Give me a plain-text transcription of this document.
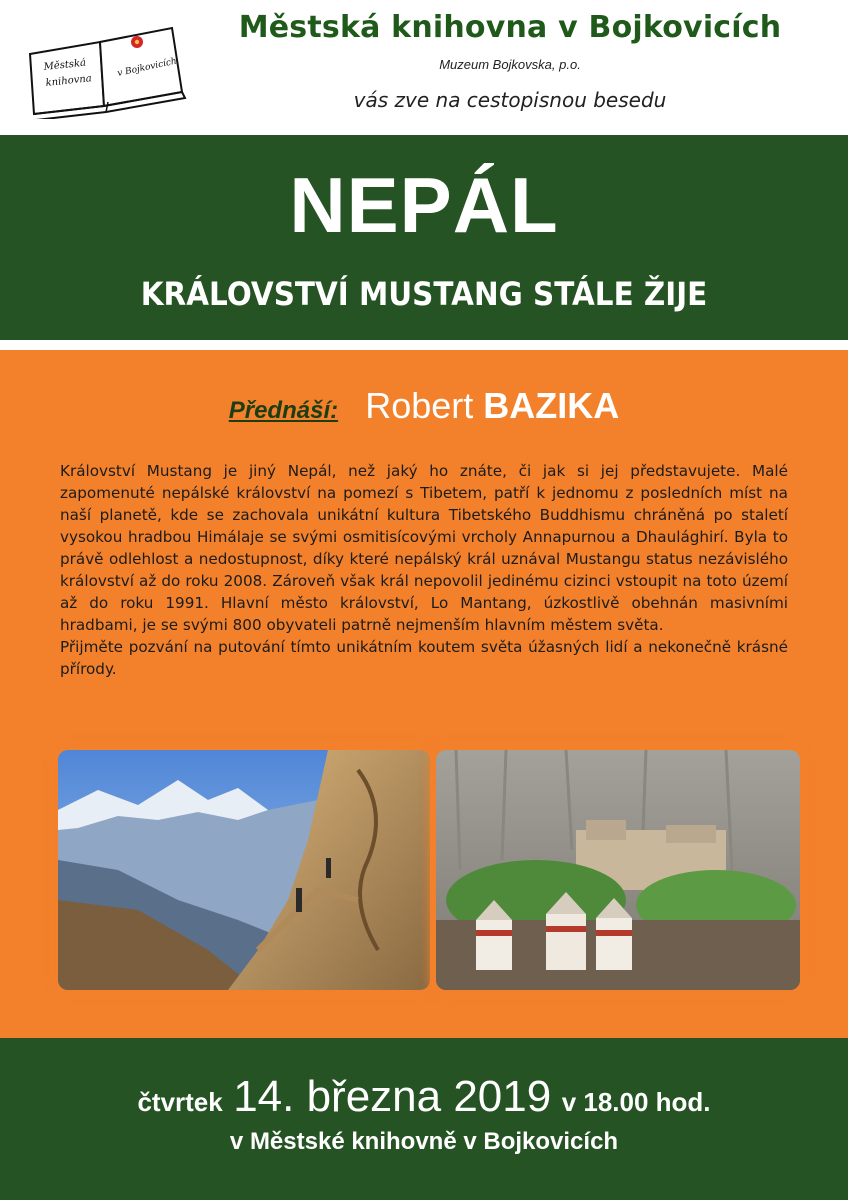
Městská
knihovna
v Bojkovicích
Městská knihovna v Bojkovicích
Muzeum Bojkovska, p.o.
vás zve na cestopisnou besedu
NEPÁL
KRÁLOVSTVÍ MUSTANG STÁLE ŽIJE
Přednáší: Robert BAZIKA

Království Mustang je jiný Nepál, než jaký ho znáte, či jak si jej představujete. Malé zapomenuté nepálské království na pomezí s Tibetem, patří k jednomu z posledních míst na naší planetě, kde se zachovala unikátní kultura Tibetského Buddhismu chráněná po staletí vysokou hradbou Himálaje se svými osmitisícovými vrcholy Annapurnou a Dhaulághirí. Byla to právě odlehlost a nedostupnost, díky které nepálský král uznával Mustangu status nezávislého království až do roku 2008. Zároveň však král nepovolil jedinému cizinci vstoupit na toto území až do roku 1991. Hlavní město království, Lo Mantang, úzkostlivě obehnán masivními hradbami, je se svými 800 obyvateli patrně nejmenším hlavním městem světa.

Přijměte pozvání na putování tímto unikátním koutem světa úžasných lidí a nekonečně krásné přírody.

čtvrtek 14. března 2019 v 18.00 hod.
v Městské knihovně v Bojkovicích
